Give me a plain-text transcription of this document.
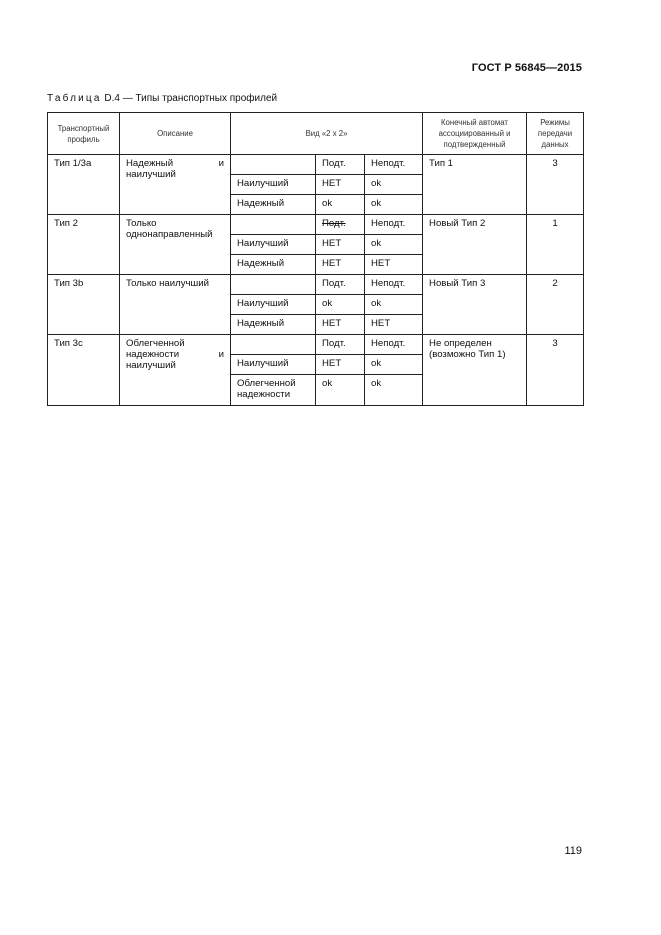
ГОСТ Р 56845—2015
Таблица D.4 — Типы транспортных профилей
Транспортный профиль	Описание	Вид «2 x 2»			Конечный автомат ассоциированный и подтвержденный	Режимы передачи данных
Тип 1/3а	Надежный и наилучший		Подт.	Неподт.	Тип 1	3
		Наилучший	НЕТ	ok		
		Надежный	ok	ok		
Тип 2	Только однонаправленный		Подт.	Неподт.	Новый Тип 2	1
		Наилучший	НЕТ	ok		
		Надежный	НЕТ	НЕТ		
Тип 3b	Только наилучший		Подт.	Неподт.	Новый Тип 3	2
		Наилучший	ok	ok		
		Надежный	НЕТ	НЕТ		
Тип 3c	Облегченной надежности и наилучший		Подт.	Неподт.	Не определен (возможно Тип 1)	3
		Наилучший	НЕТ	ok		
		Облегченной надежности	ok	ok		
119
